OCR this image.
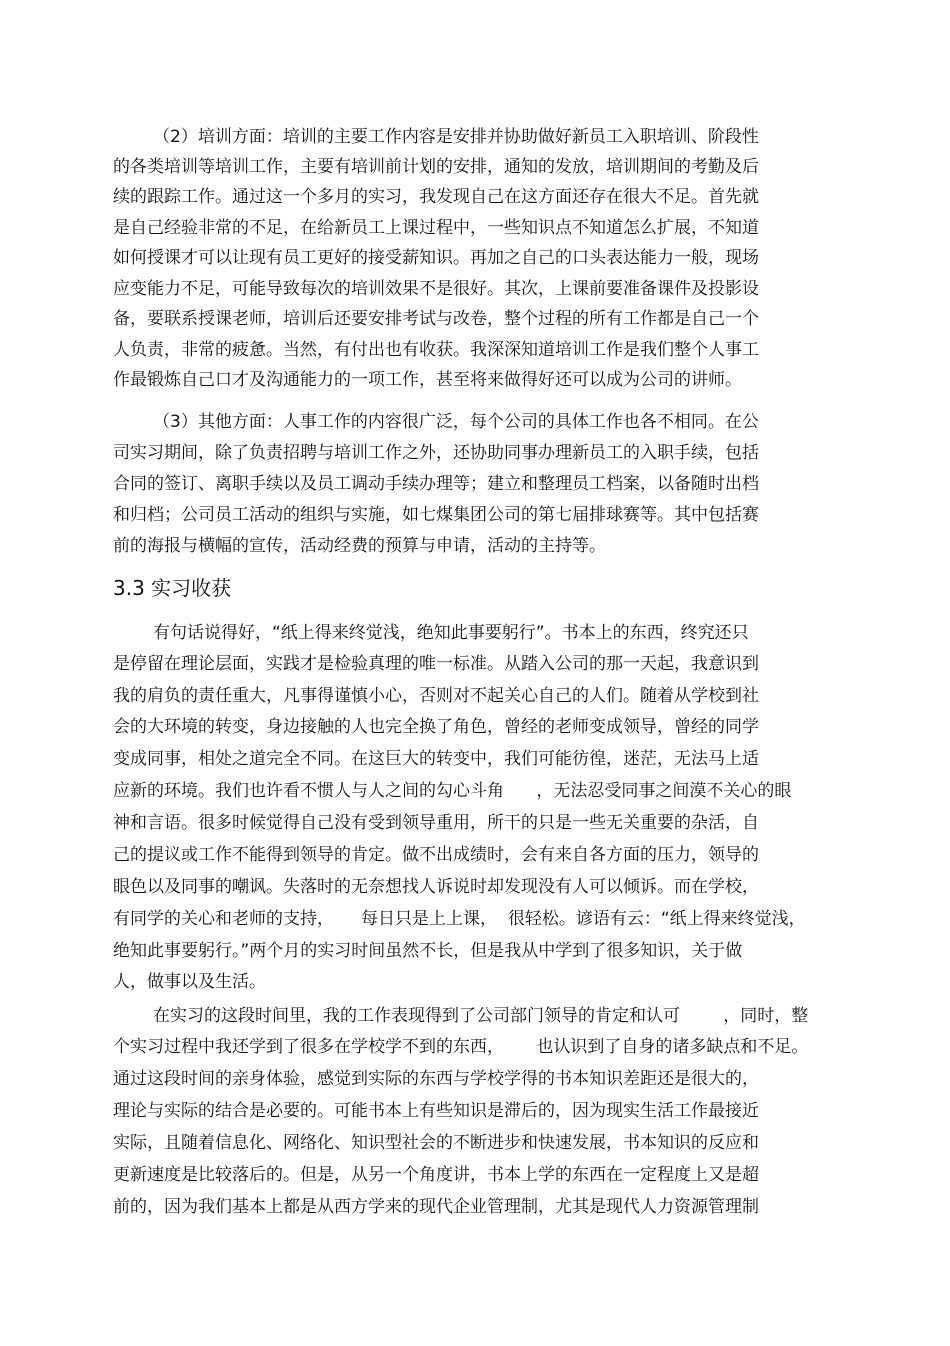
（2）培训方面：培训的主要工作内容是安排并协助做好新员工入职培训、阶段性

的各类培训等培训工作，主要有培训前计划的安排，通知的发放，培训期间的考勤及后

续的跟踪工作。通过这一个多月的实习，我发现自己在这方面还存在很大不足。首先就

是自己经验非常的不足，在给新员工上课过程中，一些知识点不知道怎么扩展，不知道

如何授课才可以让现有员工更好的接受薪知识。再加之自己的口头表达能力一般，现场

应变能力不足，可能导致每次的培训效果不是很好。其次，上课前要准备课件及投影设

备，要联系授课老师，培训后还要安排考试与改卷，整个过程的所有工作都是自己一个

人负责，非常的疲惫。当然，有付出也有收获。我深深知道培训工作是我们整个人事工

作最锻炼自己口才及沟通能力的一项工作，甚至将来做得好还可以成为公司的讲师。

（3）其他方面：人事工作的内容很广泛，每个公司的具体工作也各不相同。在公

司实习期间，除了负责招聘与培训工作之外，还协助同事办理新员工的入职手续，包括

合同的签订、离职手续以及员工调动手续办理等；建立和整理员工档案，以备随时出档

和归档；公司员工活动的组织与实施，如七煤集团公司的第七届排球赛等。其中包括赛

前的海报与横幅的宣传，活动经费的预算与申请，活动的主持等。

3.3 实习收获

有句话说得好，“纸上得来终觉浅，绝知此事要躬行”。书本上的东西，终究还只

是停留在理论层面，实践才是检验真理的唯一标准。从踏入公司的那一天起，我意识到

我的肩负的责任重大，凡事得谨慎小心，否则对不起关心自己的人们。随着从学校到社

会的大环境的转变，身边接触的人也完全换了角色，曾经的老师变成领导，曾经的同学

变成同事，相处之道完全不同。在这巨大的转变中，我们可能彷徨，迷茫，无法马上适

应新的环境。我们也许看不惯人与人之间的勾心斗角      ，无法忍受同事之间漠不关心的眼

神和言语。很多时候觉得自己没有受到领导重用，所干的只是一些无关重要的杂活，自

己的提议或工作不能得到领导的肯定。做不出成绩时，会有来自各方面的压力，领导的

眼色以及同事的嘲讽。失落时的无奈想找人诉说时却发现没有人可以倾诉。而在学校，

有同学的关心和老师的支持，     每日只是上上课，  很轻松。谚语有云：“纸上得来终觉浅，

绝知此事要躬行。”两个月的实习时间虽然不长，但是我从中学到了很多知识，关于做

人，做事以及生活。

在实习的这段时间里，我的工作表现得到了公司部门领导的肯定和认可        ，同时，整

个实习过程中我还学到了很多在学校学不到的东西，      也认识到了自身的诸多缺点和不足。

通过这段时间的亲身体验，感觉到实际的东西与学校学得的书本知识差距还是很大的，

理论与实际的结合是必要的。可能书本上有些知识是滞后的，因为现实生活工作最接近

实际，且随着信息化、网络化、知识型社会的不断进步和快速发展，书本知识的反应和

更新速度是比较落后的。但是，从另一个角度讲，书本上学的东西在一定程度上又是超

前的，因为我们基本上都是从西方学来的现代企业管理制，尤其是现代人力资源管理制
